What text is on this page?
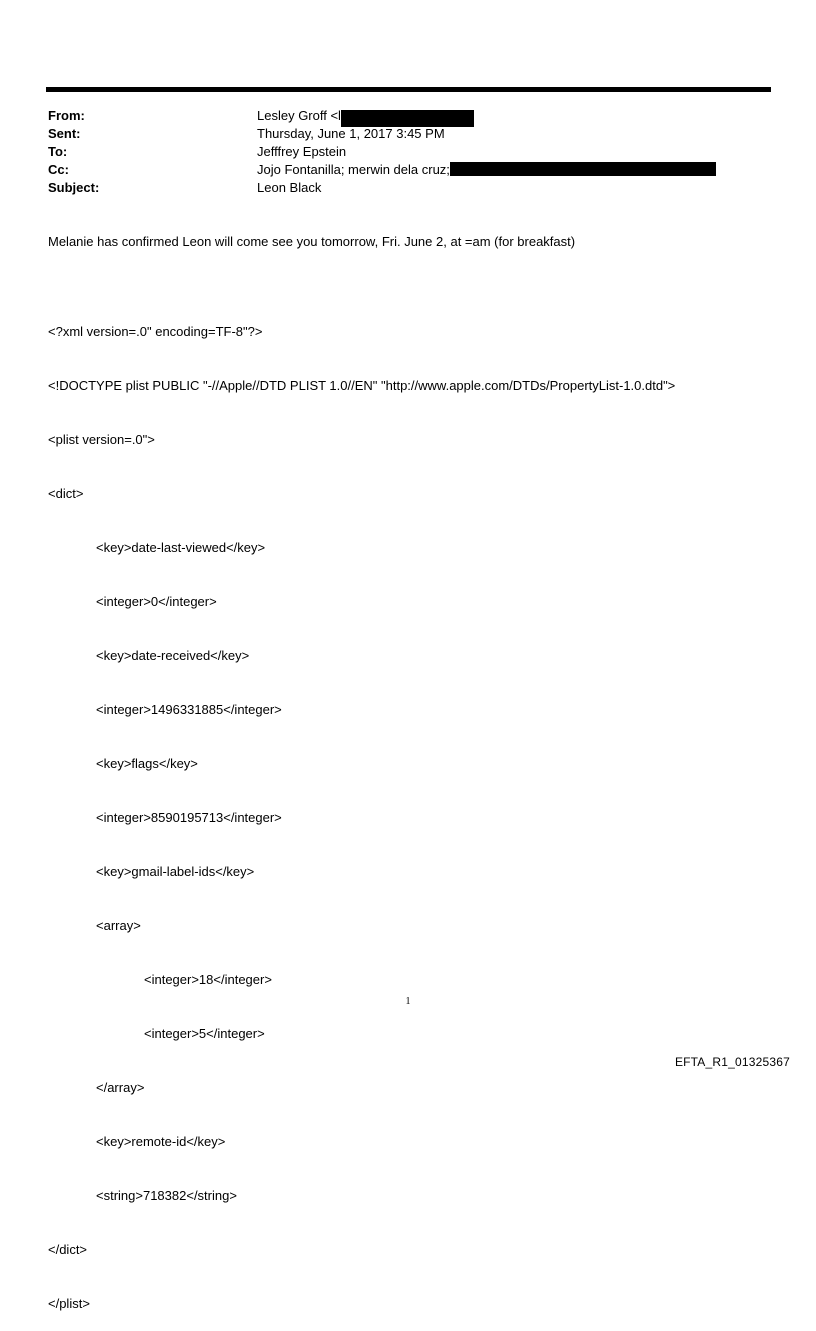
From:	Lesley Groff <l
Sent:	Thursday, June 1, 2017 3:45 PM
To:	Jefffrey Epstein
Cc:	Jojo Fontanilla; merwin dela cruz;
Subject:	Leon Black
Melanie has confirmed Leon will come see you tomorrow, Fri. June 2, at =am (for breakfast)

<?xml version=.0" encoding=TF-8"?>

<!DOCTYPE plist PUBLIC "-//Apple//DTD PLIST 1.0//EN" "http://www.apple.com/DTDs/PropertyList-1.0.dtd">

<plist version=.0">

<dict>

<key>date-last-viewed</key>

<integer>0</integer>

<key>date-received</key>

<integer>1496331885</integer>

<key>flags</key>

<integer>8590195713</integer>

<key>gmail-label-ids</key>

<array>

<integer>18</integer>

<integer>5</integer>

</array>

<key>remote-id</key>

<string>718382</string>

</dict>

</plist>

1
EFTA_R1_01325367
